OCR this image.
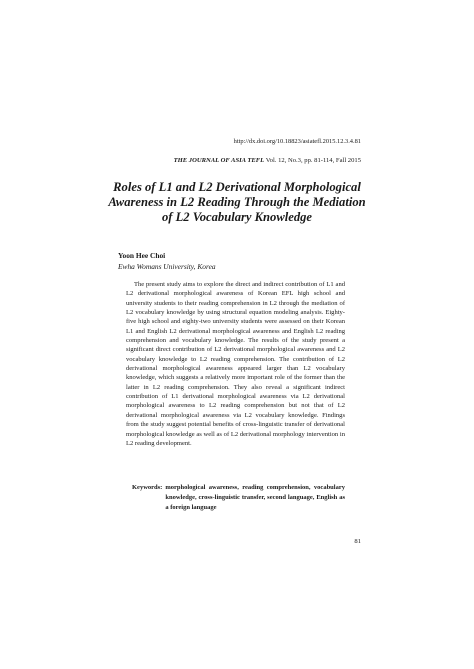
http://dx.doi.org/10.18823/asiatefl.2015.12.3.4.81
THE JOURNAL OF ASIA TEFL Vol. 12, No.3, pp. 81-114, Fall 2015
Roles of L1 and L2 Derivational Morphological Awareness in L2 Reading Through the Mediation of L2 Vocabulary Knowledge
Yoon Hee Choi
Ewha Womans University, Korea

The present study aims to explore the direct and indirect contribution of L1 and L2 derivational morphological awareness of Korean EFL high school and university students to their reading comprehension in L2 through the mediation of L2 vocabulary knowledge by using structural equation modeling analysis. Eighty-five high school and eighty-two university students were assessed on their Korean L1 and English L2 derivational morphological awareness and English L2 reading comprehension and vocabulary knowledge. The results of the study present a significant direct contribution of L2 derivational morphological awareness and L2 vocabulary knowledge to L2 reading comprehension. The contribution of L2 derivational morphological awareness appeared larger than L2 vocabulary knowledge, which suggests a relatively more important role of the former than the latter in L2 reading comprehension. They also reveal a significant indirect contribution of L1 derivational morphological awareness via L2 derivational morphological awareness to L2 reading comprehension but not that of L2 derivational morphological awareness via L2 vocabulary knowledge. Findings from the study suggest potential benefits of cross-linguistic transfer of derivational morphological knowledge as well as of L2 derivational morphology intervention in L2 reading development.

Keywords: morphological awareness, reading comprehension, vocabulary knowledge, cross-linguistic transfer, second language, English as a foreign language
81
